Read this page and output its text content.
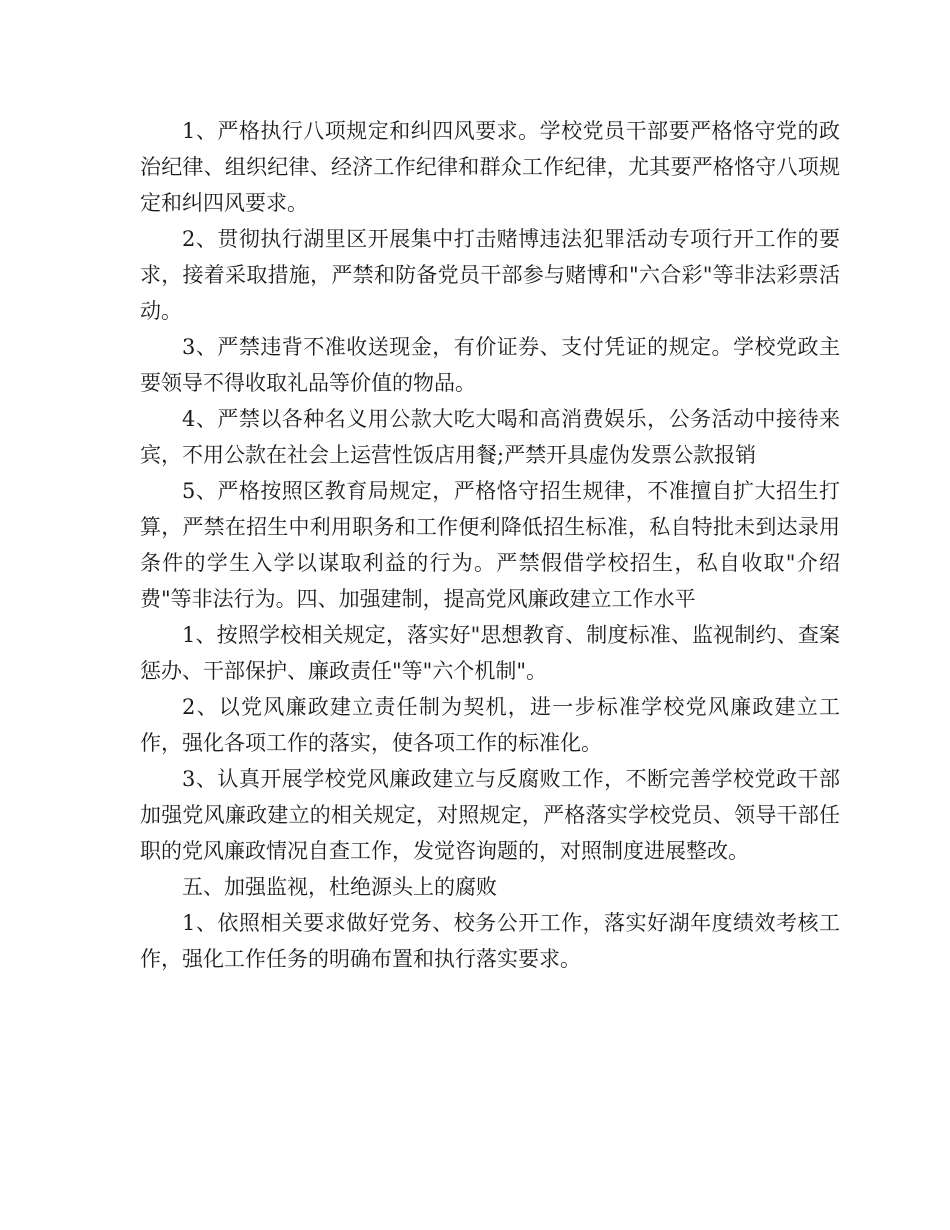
1、严格执行八项规定和纠四风要求。学校党员干部要严格恪守党的政治纪律、组织纪律、经济工作纪律和群众工作纪律，尤其要严格恪守八项规定和纠四风要求。

2、贯彻执行湖里区开展集中打击赌博违法犯罪活动专项行开工作的要求，接着采取措施，严禁和防备党员干部参与赌博和"六合彩"等非法彩票活动。

3、严禁违背不准收送现金，有价证券、支付凭证的规定。学校党政主要领导不得收取礼品等价值的物品。

4、严禁以各种名义用公款大吃大喝和高消费娱乐，公务活动中接待来宾，不用公款在社会上运营性饭店用餐;严禁开具虚伪发票公款报销

5、严格按照区教育局规定，严格恪守招生规律，不准擅自扩大招生打算，严禁在招生中利用职务和工作便利降低招生标准，私自特批未到达录用条件的学生入学以谋取利益的行为。严禁假借学校招生，私自收取"介绍费"等非法行为。四、加强建制，提高党风廉政建立工作水平

1、按照学校相关规定，落实好"思想教育、制度标准、监视制约、查案惩办、干部保护、廉政责任"等"六个机制"。

2、以党风廉政建立责任制为契机，进一步标准学校党风廉政建立工作，强化各项工作的落实，使各项工作的标准化。

3、认真开展学校党风廉政建立与反腐败工作，不断完善学校党政干部加强党风廉政建立的相关规定，对照规定，严格落实学校党员、领导干部任职的党风廉政情况自查工作，发觉咨询题的，对照制度进展整改。

五、加强监视，杜绝源头上的腐败

1、依照相关要求做好党务、校务公开工作，落实好湖年度绩效考核工作，强化工作任务的明确布置和执行落实要求。
